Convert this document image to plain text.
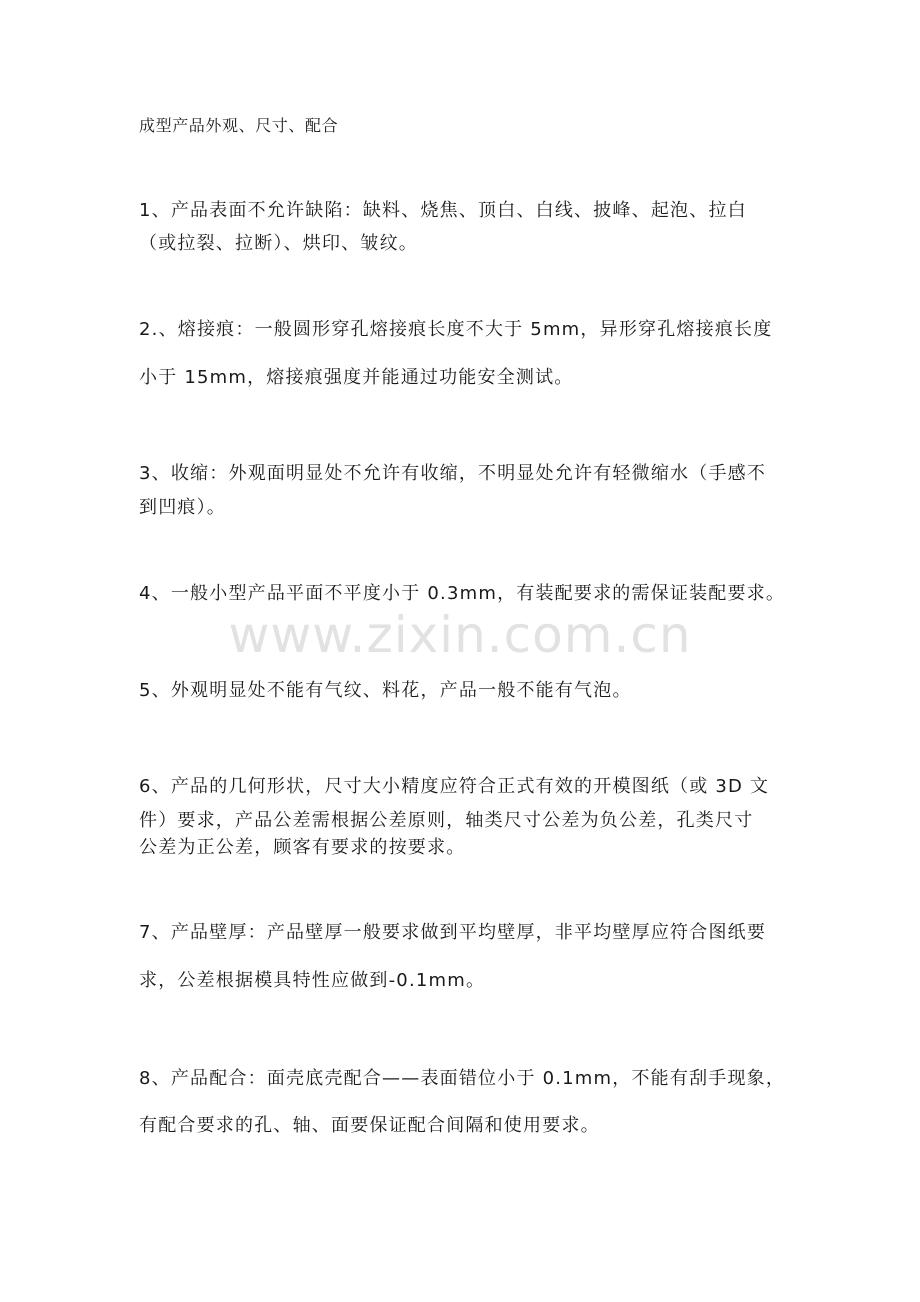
成型产品外观、尺寸、配合

1、产品表面不允许缺陷：缺料、烧焦、顶白、白线、披峰、起泡、拉白

（或拉裂、拉断）、烘印、皱纹。

2.、熔接痕：一般圆形穿孔熔接痕长度不大于 5mm，异形穿孔熔接痕长度

小于 15mm，熔接痕强度并能通过功能安全测试。

3、收缩：外观面明显处不允许有收缩，不明显处允许有轻微缩水（手感不

到凹痕）。

4、一般小型产品平面不平度小于 0.3mm，有装配要求的需保证装配要求。

5、外观明显处不能有气纹、料花，产品一般不能有气泡。

6、产品的几何形状，尺寸大小精度应符合正式有效的开模图纸（或 3D 文

件）要求，产品公差需根据公差原则，轴类尺寸公差为负公差，孔类尺寸

公差为正公差，顾客有要求的按要求。

7、产品壁厚：产品壁厚一般要求做到平均壁厚，非平均壁厚应符合图纸要

求，公差根据模具特性应做到-0.1mm。

8、产品配合：面壳底壳配合——表面错位小于 0.1mm，不能有刮手现象，

有配合要求的孔、轴、面要保证配合间隔和使用要求。

www.zixin.com.cn
